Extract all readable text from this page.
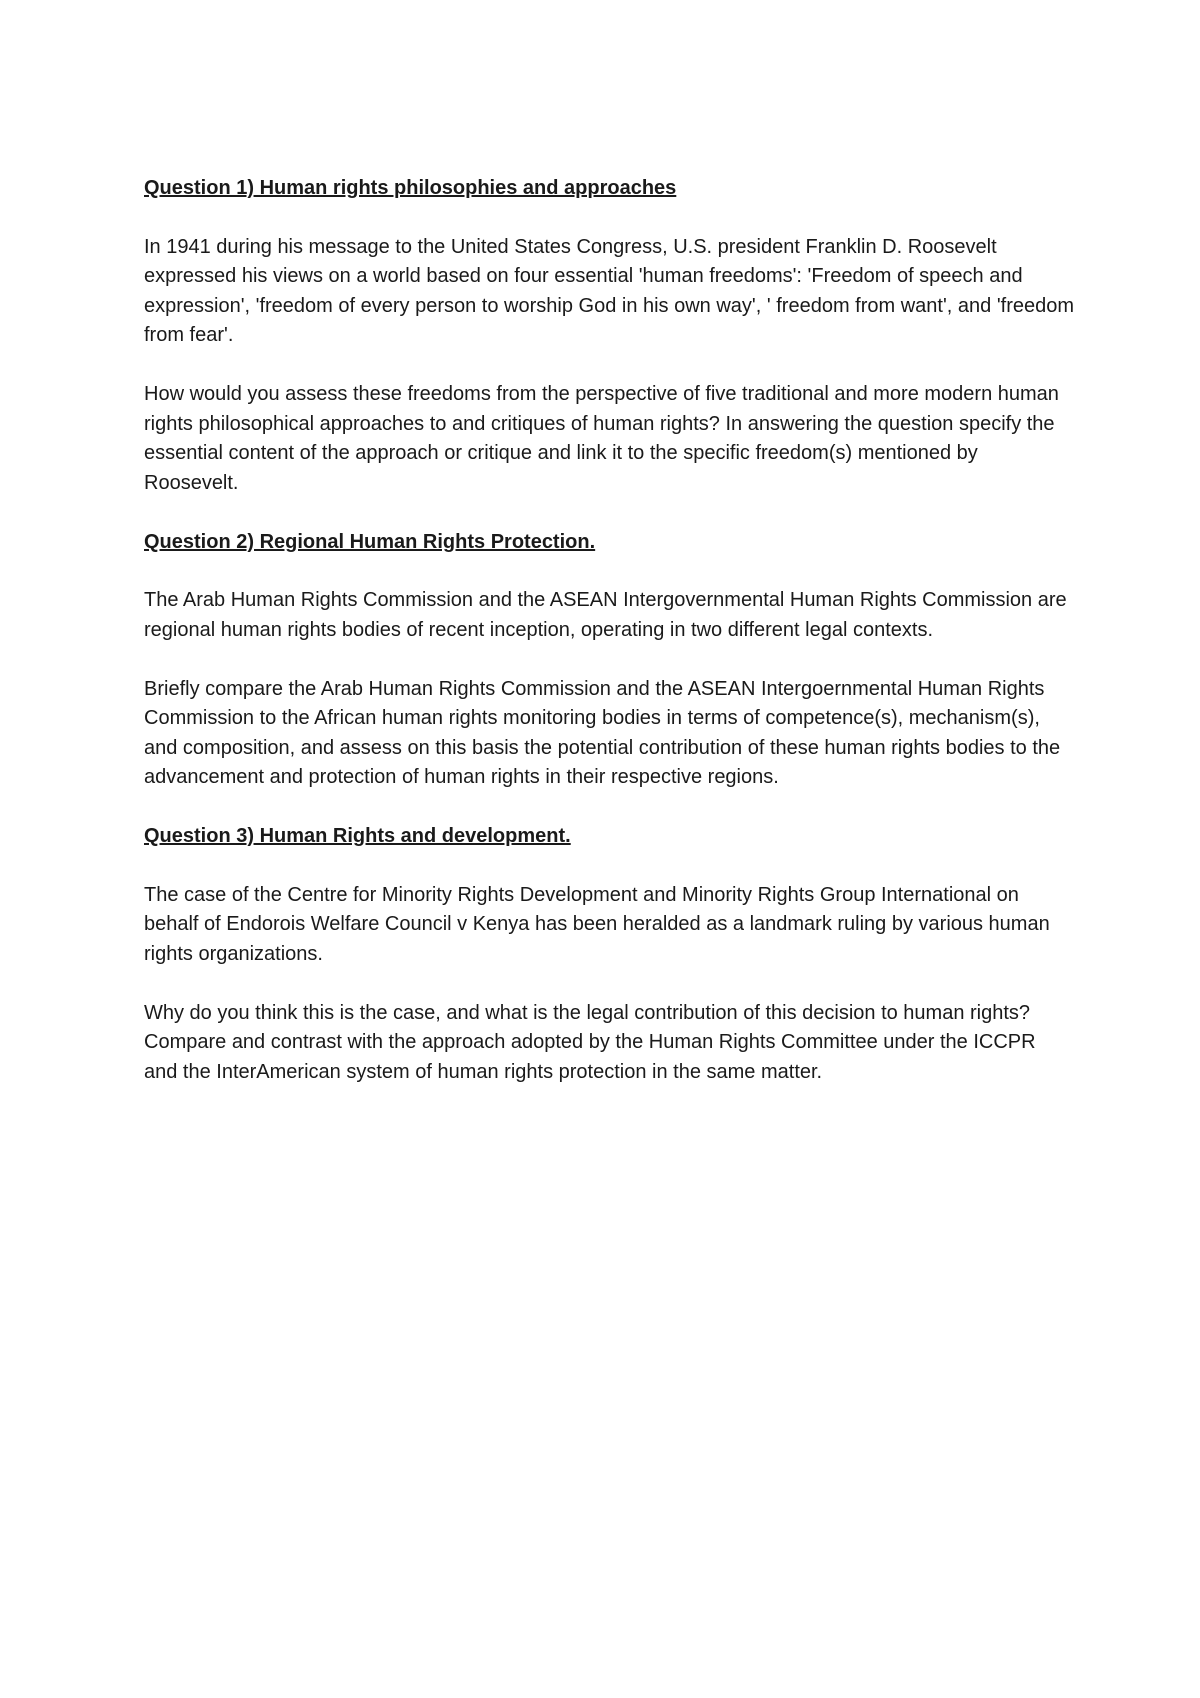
Question 1) Human rights philosophies and approaches

In 1941 during his message to the United States Congress, U.S. president Franklin D. Roosevelt expressed his views on a world based on four essential 'human freedoms': 'Freedom of speech and expression', 'freedom of every person to worship God in his own way', ' freedom from want', and 'freedom from fear'.

How would you assess these freedoms from the perspective of five traditional and more modern human rights philosophical approaches to and critiques of human rights? In answering the question specify the essential content of the approach or critique and link it to the specific freedom(s) mentioned by Roosevelt.

Question 2) Regional Human Rights Protection.

The Arab Human Rights Commission and the ASEAN Intergovernmental Human Rights Commission are regional human rights bodies of recent inception, operating in two different legal contexts.

Briefly compare the Arab Human Rights Commission and the ASEAN Intergoernmental Human Rights Commission to the African human rights monitoring bodies in terms of competence(s), mechanism(s), and composition, and assess on this basis the potential contribution of these human rights bodies to the advancement and protection of human rights in their respective regions.

Question 3) Human Rights and development.

The case of the Centre for Minority Rights Development and Minority Rights Group International on behalf of Endorois Welfare Council v Kenya has been heralded as a landmark ruling by various human rights organizations.

Why do you think this is the case, and what is the legal contribution of this decision to human rights? Compare and contrast with the approach adopted by the Human Rights Committee under the ICCPR and the InterAmerican system of human rights protection in the same matter.
